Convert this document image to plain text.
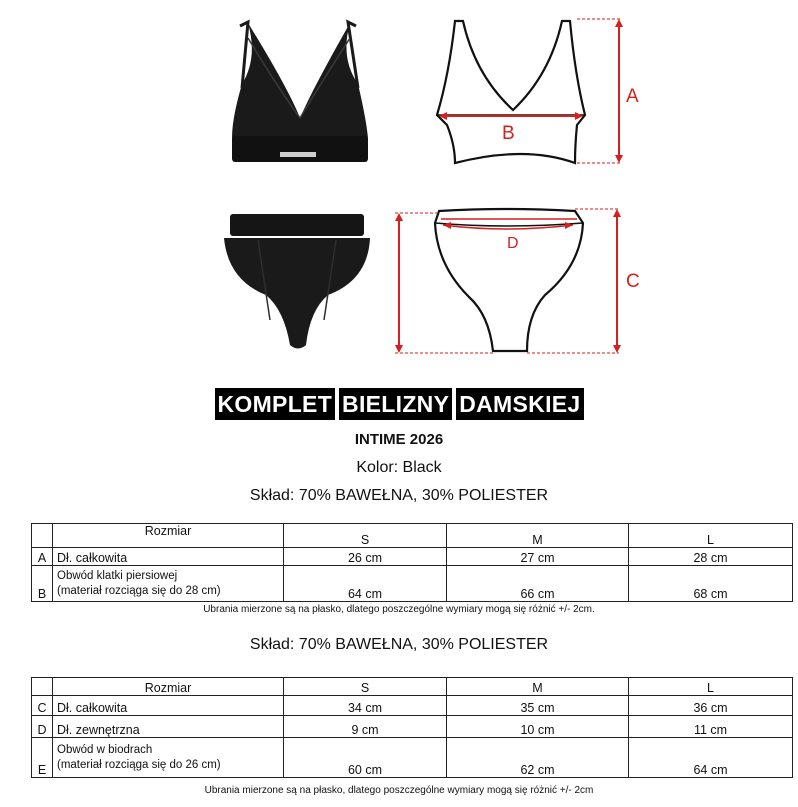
A
B
C
D
KOMPLET BIELIZNY DAMSKIEJ
INTIME 2026
Kolor: Black
Skład: 70% BAWEŁNA, 30% POLIESTER
	Rozmiar	S	M	L
A	Dł. całkowita	26 cm	27 cm	28 cm
B	Obwód klatki piersiowej
(materiał rozciąga się do 28 cm)	64 cm	66 cm	68 cm
Ubrania mierzone są na płasko, dlatego poszczególne wymiary mogą się różnić +/- 2cm.
Skład: 70% BAWEŁNA, 30% POLIESTER
	Rozmiar	S	M	L
C	Dł. całkowita	34 cm	35 cm	36 cm
D	Dł. zewnętrzna	9 cm	10 cm	11 cm
E	Obwód w biodrach
(materiał rozciąga się do 26 cm)	60 cm	62 cm	64 cm
Ubrania mierzone są na płasko, dlatego poszczególne wymiary mogą się różnić +/- 2cm
